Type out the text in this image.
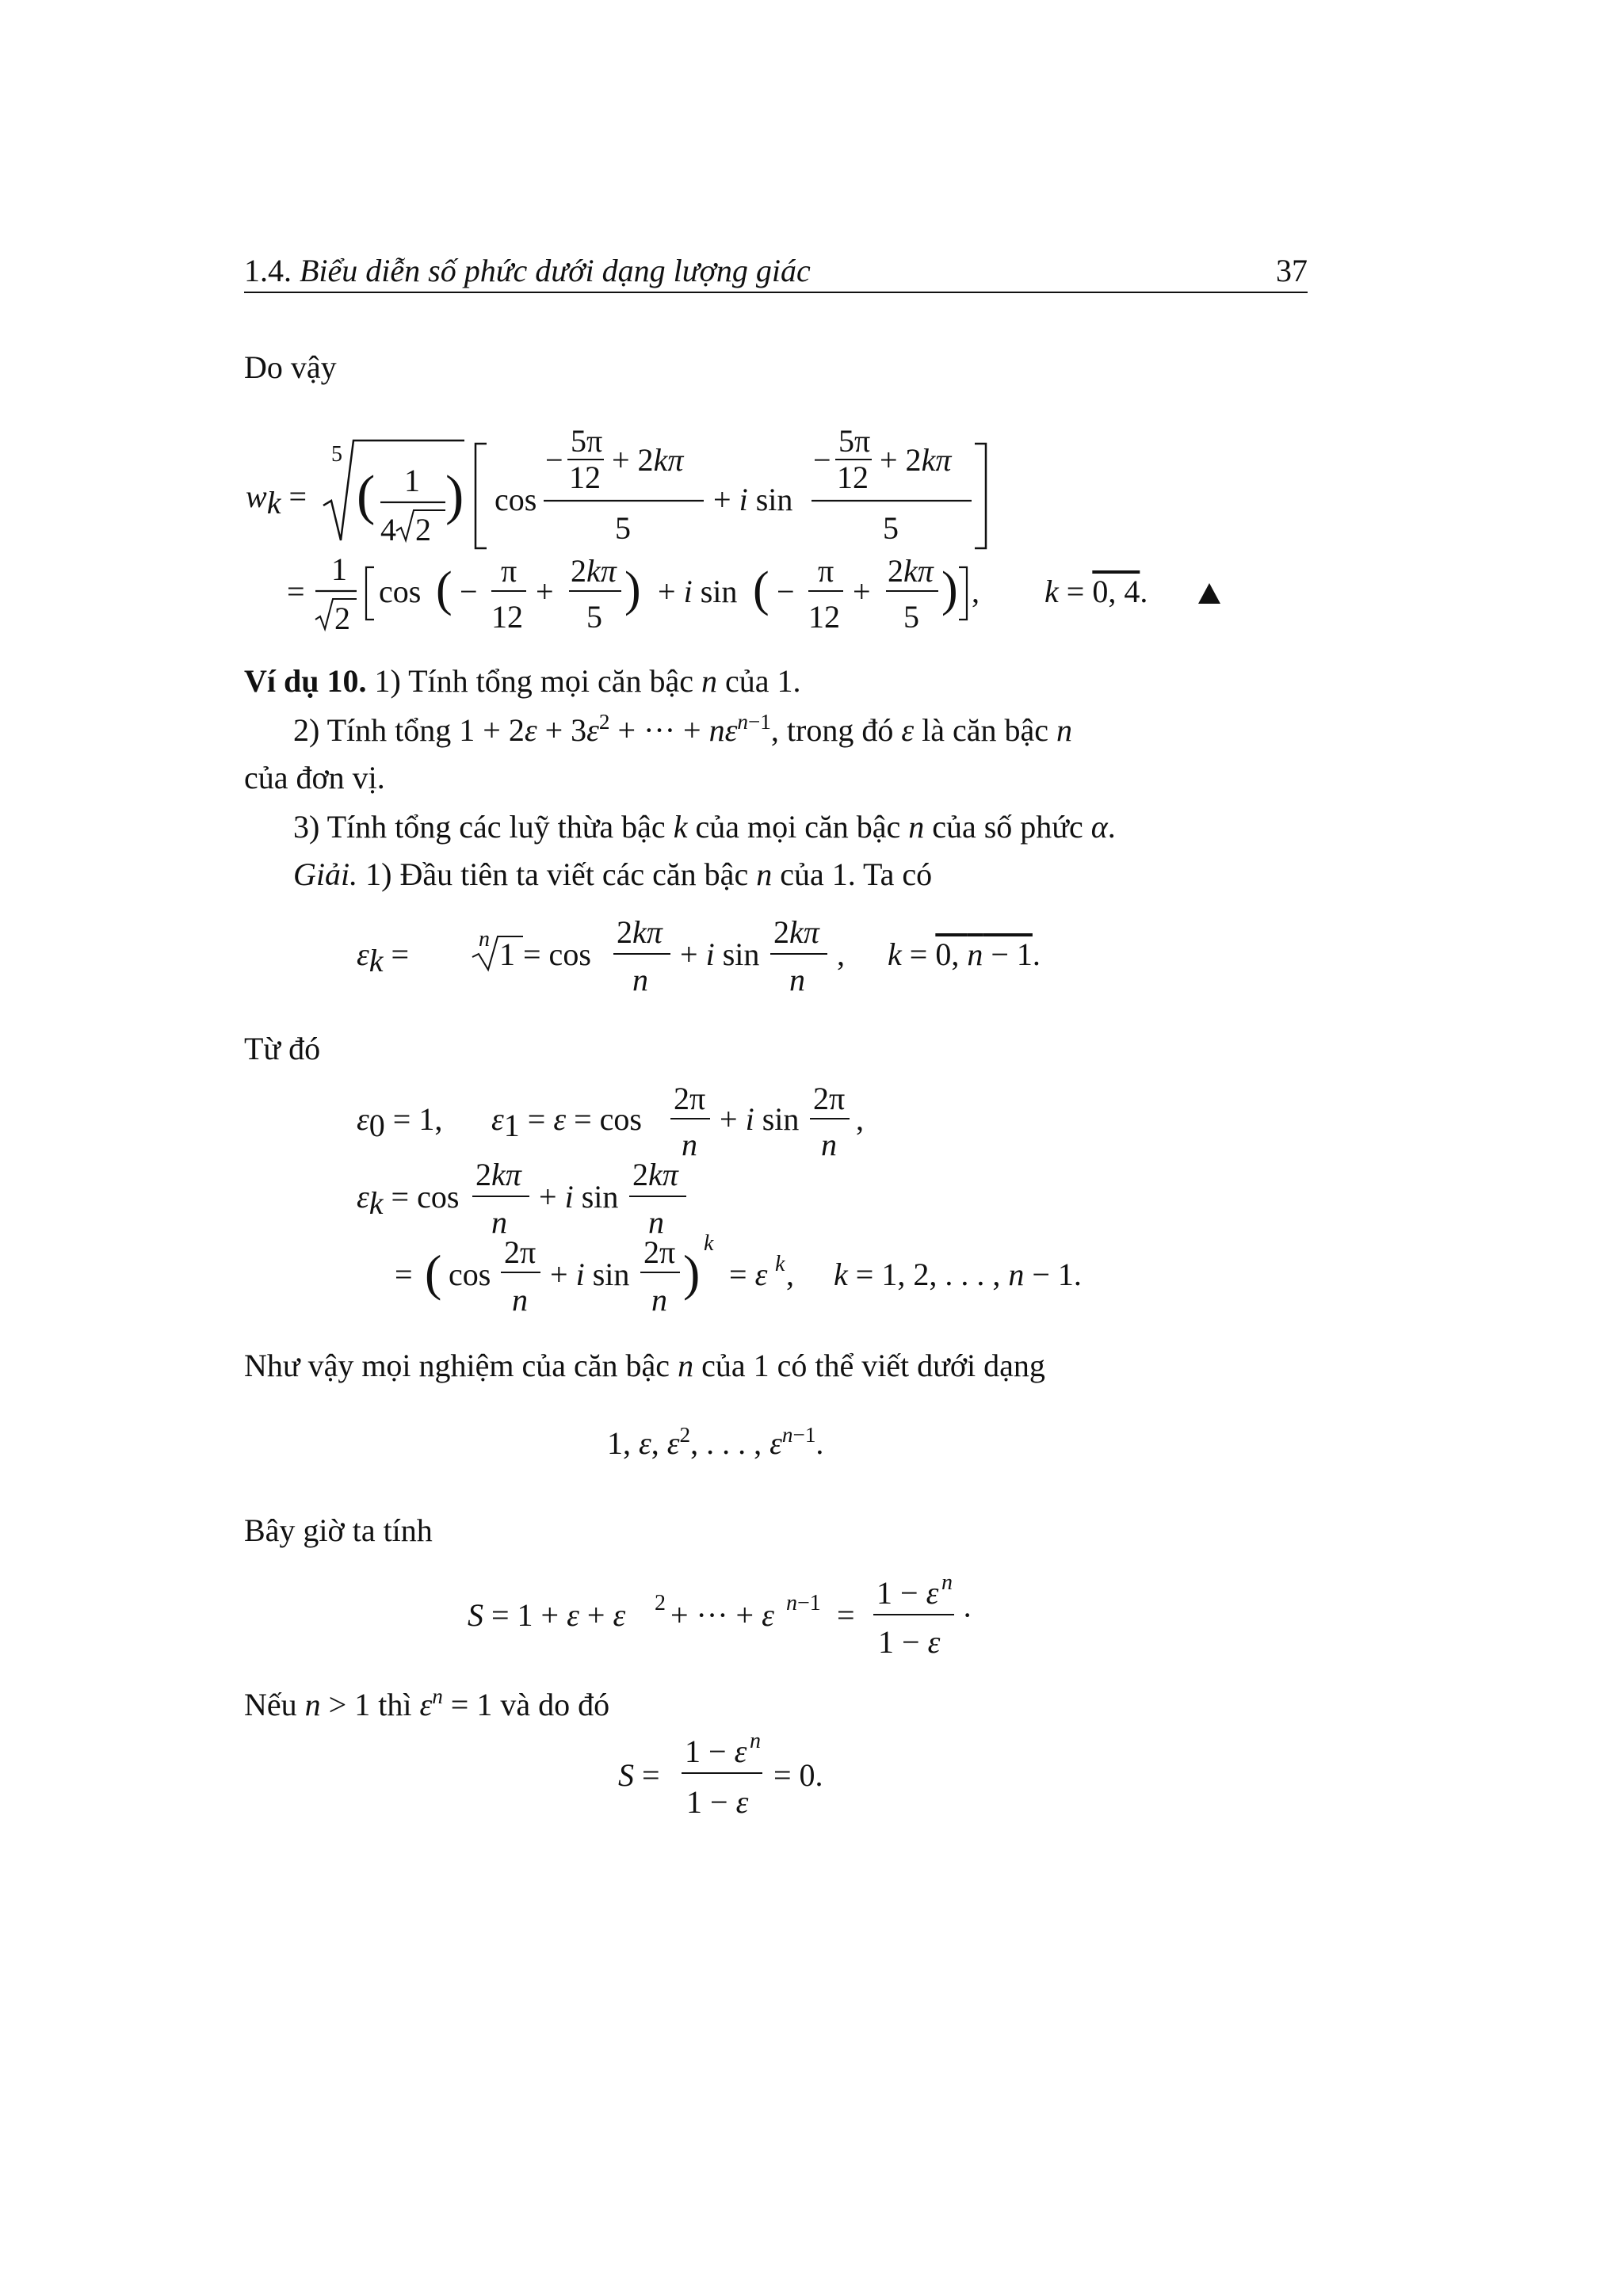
1.4. Biểu diễn số phức dưới dạng lượng giác	37
Do vậy
wk =
5
( 1
4 2
) cos
−
5π
12 + 2kπ
5
+ i sin
−
5π
12 + 2kπ
5
=
1
2
cos ( −
π
12
+
2kπ
5
) + i sin ( −
π
12
+
2kπ
5
) , k = 0, 4.
Ví dụ 10. 1) Tính tổng mọi căn bậc n của 1.
2) Tính tổng $1 + 2\varepsilon + 3\varepsilon^2$ + ··· + $n\varepsilon^{n-1}$, trong đó ε là căn bậc n
của đơn vị.
3) Tính tổng các luỹ thừa bậc k của mọi căn bậc n của số phức α.
Giải. 1) Đầu tiên ta viết các căn bậc n của 1. Ta có
εk =	n 1 = cos
2kπ
n
+ i sin
2kπ
n
, k = 0, n − 1.
Từ đó
ε0 = 1, ε1 = ε = cos
2π
n
+ i sin
2π
n
,
εk = cos
2kπ
n
+ i sin
2kπ
n
= ( cos
2π
n
+ i sin
2π
n )
k
= ε k , k = 1, 2, . . . , n − 1.
Như vậy mọi nghiệm của căn bậc n của 1 có thể viết dưới dạng
1, ε, $\varepsilon^2$, . . . , $\varepsilon^{n-1}$.
Bây giờ ta tính
S = 1 + ε + ε 2 + ··· + ε n−1 =
1 − ε n
1 − ε
·
Nếu n > 1 thì $\varepsilon^n = 1$ và do đó
S =
1 − ε n
1 − ε
= 0.
